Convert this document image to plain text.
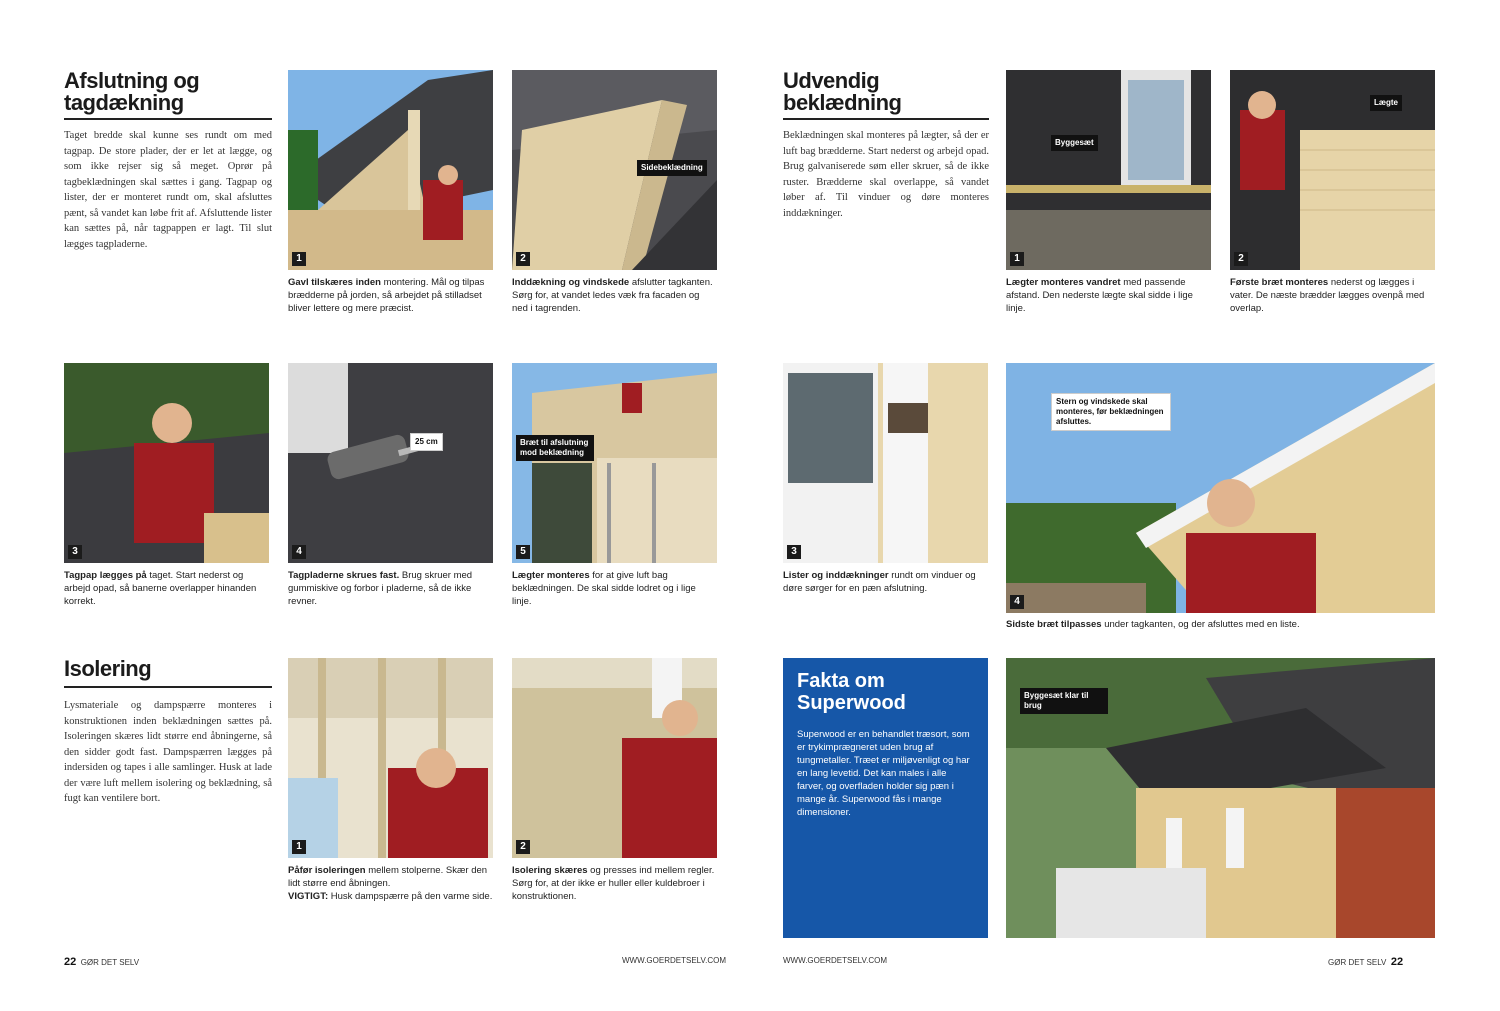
Afslutning og tagdækning
Taget bredde skal kunne ses rundt om med tagpap. De store plader, der er let at lægge, og som ikke rejser sig så meget. Oprør på tagbeklædningen skal sættes i gang. Tagpap og lister, der er monteret rundt om, skal afsluttes pænt, så vandet kan løbe frit af. Afsluttende lister kan sættes på, når tagpappen er lagt. Til slut lægges tagpladerne.
1
Gavl tilskæres inden montering. Mål og tilpas brædderne på jorden, så arbejdet på stilladset bliver lettere og mere præcist.
Sidebeklædning
2
Inddækning og vindskede afslutter tagkanten. Sørg for, at vandet ledes væk fra facaden og ned i tagrenden.
3
Tagpap lægges på taget. Start nederst og arbejd opad, så banerne overlapper hinanden korrekt.
25 cm
4
Tagpladerne skrues fast. Brug skruer med gummiskive og forbor i pladerne, så de ikke revner.
Bræt til afslutning mod beklædning
5
Lægter monteres for at give luft bag beklædningen. De skal sidde lodret og i lige linje.
Isolering
Lysmateriale og dampspærre monteres i konstruktionen inden beklædningen sættes på. Isoleringen skæres lidt større end åbningerne, så den sidder godt fast. Dampspærren lægges på indersiden og tapes i alle samlinger. Husk at lade der være luft mellem isolering og beklædning, så fugt kan ventilere bort.
1
Påfør isoleringen mellem stolperne. Skær den lidt større end åbningen.
VIGTIGT: Husk dampspærre på den varme side.
2
Isolering skæres og presses ind mellem regler. Sørg for, at der ikke er huller eller kuldebroer i konstruktionen.
22 GØR DET SELV	WWW.GOERDETSELV.COM
Udvendig beklædning
Beklædningen skal monteres på lægter, så der er luft bag brædderne. Start nederst og arbejd opad. Brug galvaniserede søm eller skruer, så de ikke ruster. Brædderne skal overlappe, så vandet løber af. Til vinduer og døre monteres inddækninger.
Byggesæt
1
Lægter monteres vandret med passende afstand. Den nederste lægte skal sidde i lige linje.
Lægte
2
Første bræt monteres nederst og lægges i vater. De næste brædder lægges ovenpå med overlap.
3
Lister og inddækninger rundt om vinduer og døre sørger for en pæn afslutning.
Stern og vindskede skal monteres, før beklædningen afsluttes.
4
Sidste bræt tilpasses under tagkanten, og der afsluttes med en liste.
Fakta om Superwood
Superwood er en behandlet træsort, som er trykimprægneret uden brug af tungmetaller. Træet er miljøvenligt og har en lang levetid. Det kan males i alle farver, og overfladen holder sig pæn i mange år. Superwood fås i mange dimensioner.
Byggesæt klar til brug
WWW.GOERDETSELV.COM	GØR DET SELV 22
